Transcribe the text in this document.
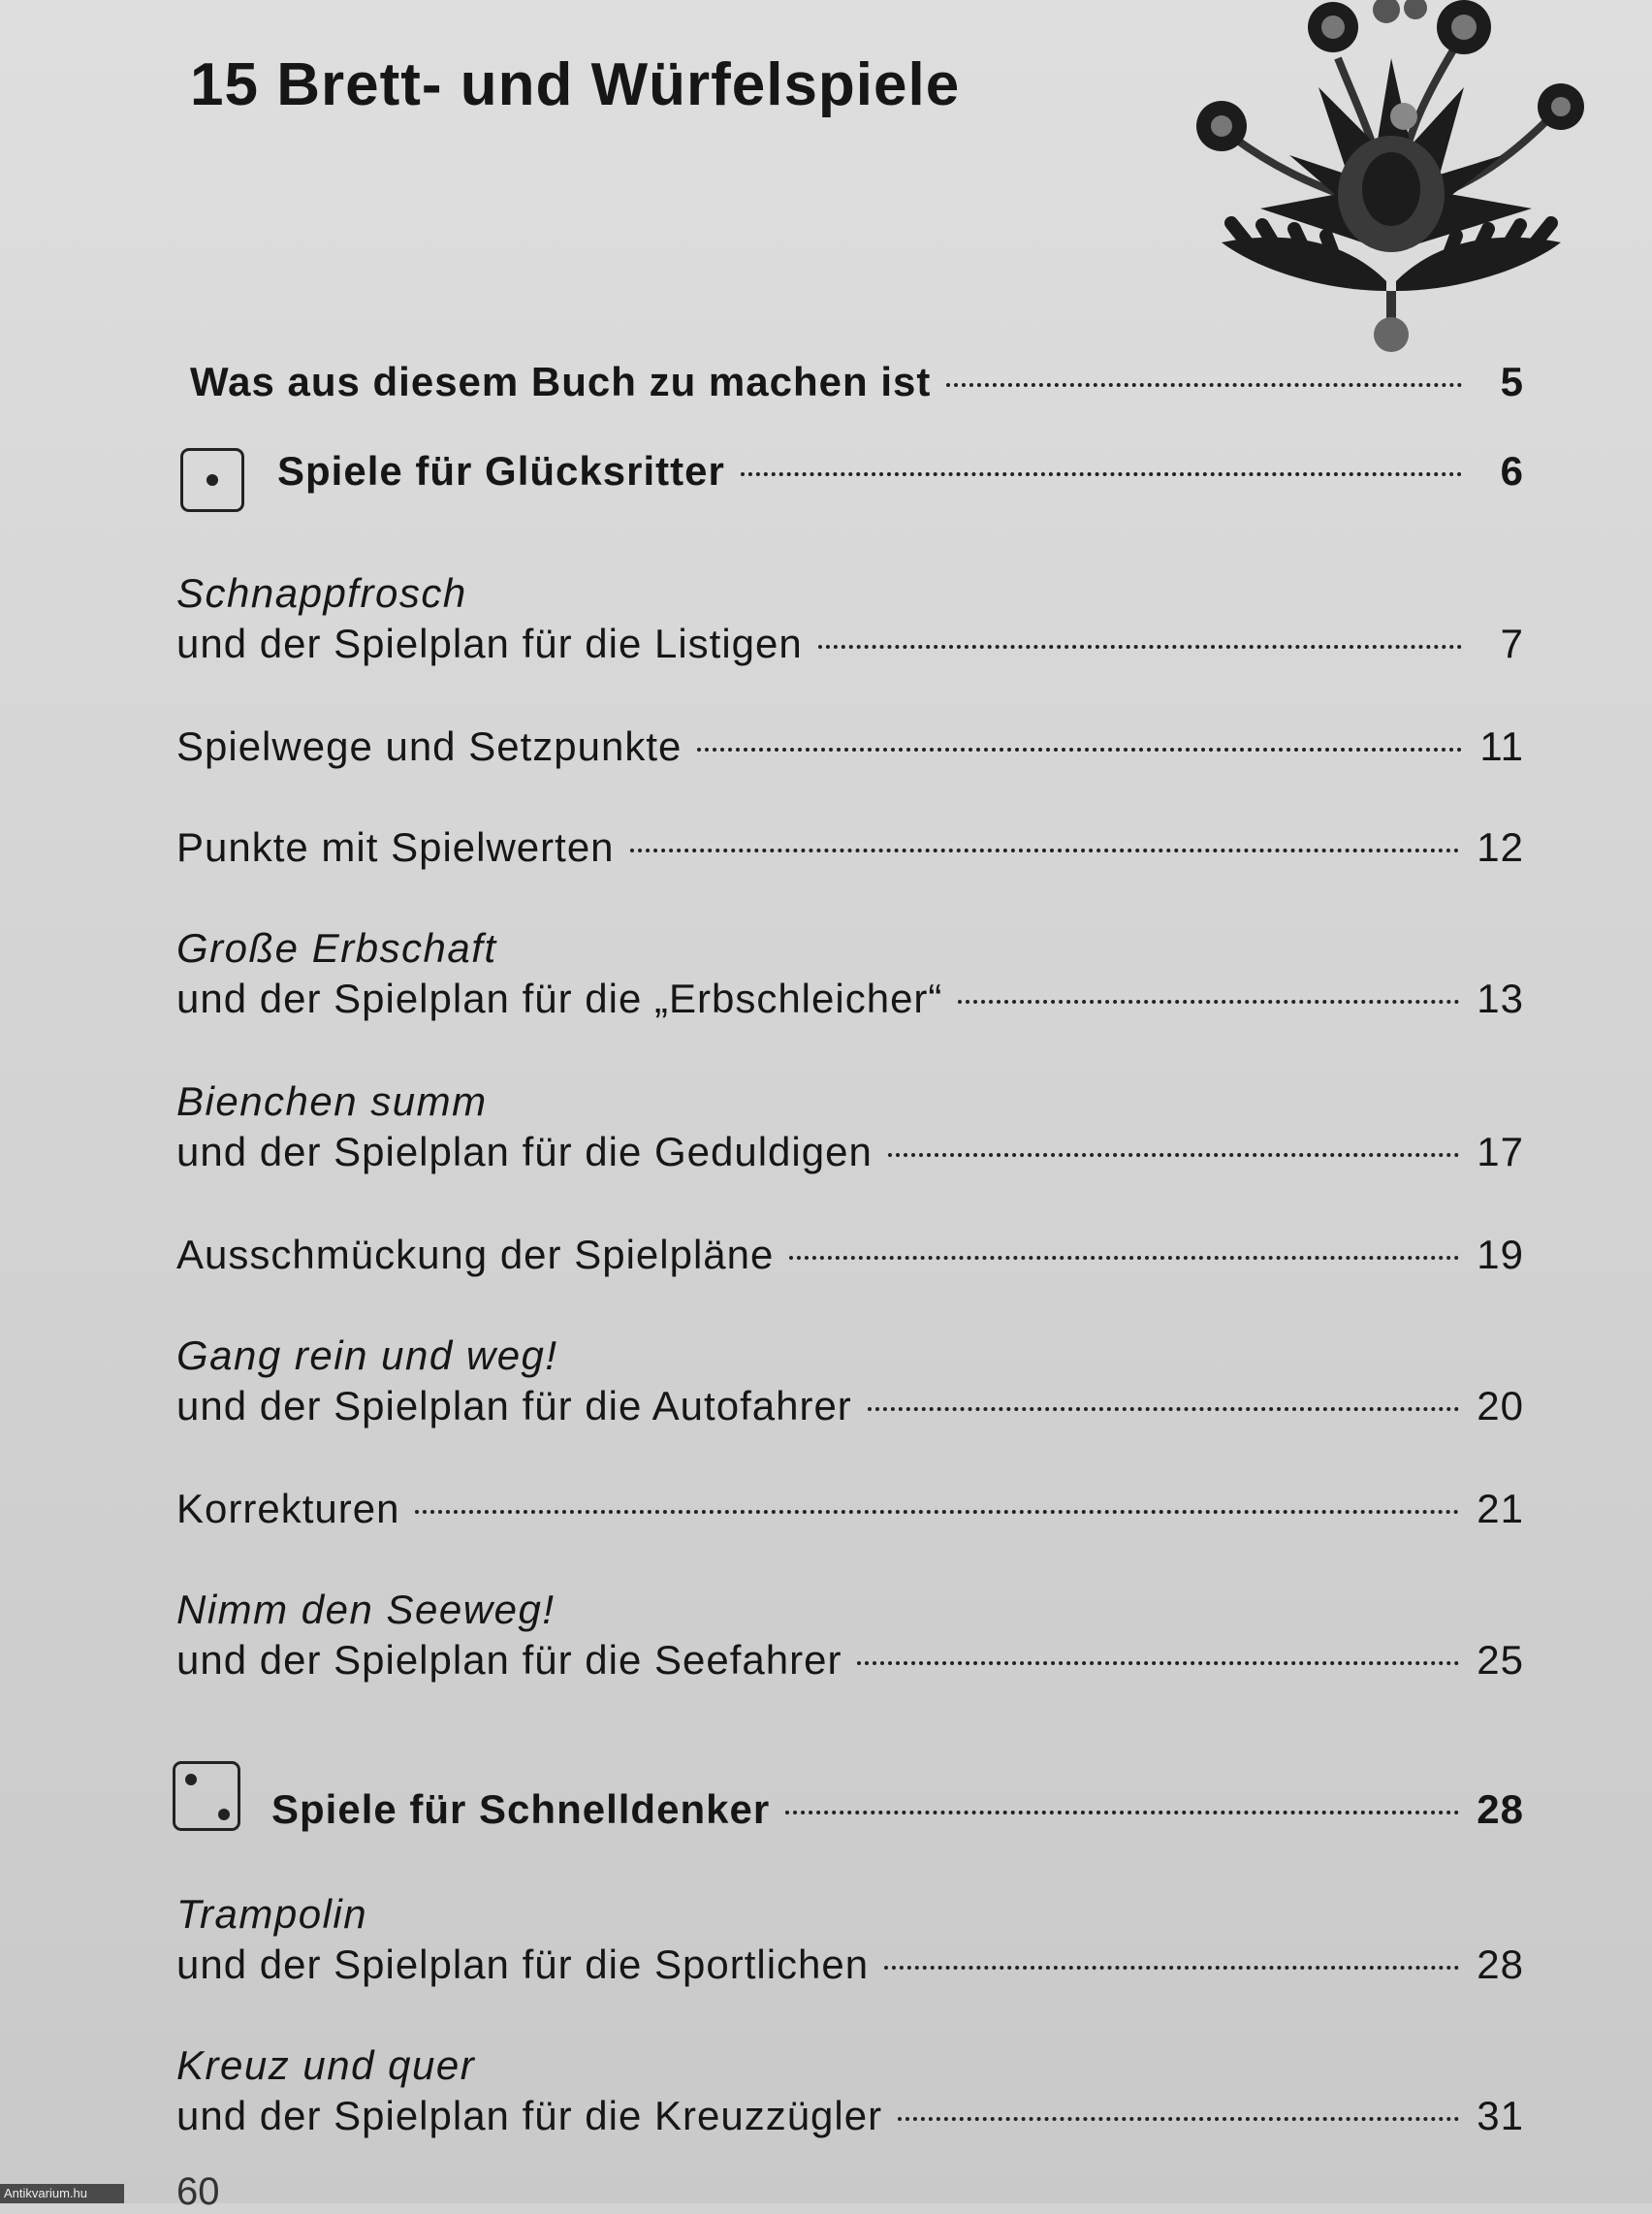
15 Brett- und Würfelspiele
Was aus diesem Buch zu machen ist	5
Spiele für Glücksritter	6
Schnappfrosch
und der Spielplan für die Listigen	7
Spielwege und Setzpunkte	11
Punkte mit Spielwerten	12
Große Erbschaft
und der Spielplan für die „Erbschleicher“	13
Bienchen summ
und der Spielplan für die Geduldigen	17
Ausschmückung der Spielpläne	19
Gang rein und weg!
und der Spielplan für die Autofahrer	20
Korrekturen	21
Nimm den Seeweg!
und der Spielplan für die Seefahrer	25
Spiele für Schnelldenker	28
Trampolin
und der Spielplan für die Sportlichen	28
Kreuz und quer
und der Spielplan für die Kreuzzügler	31
60
Antikvarium.hu
